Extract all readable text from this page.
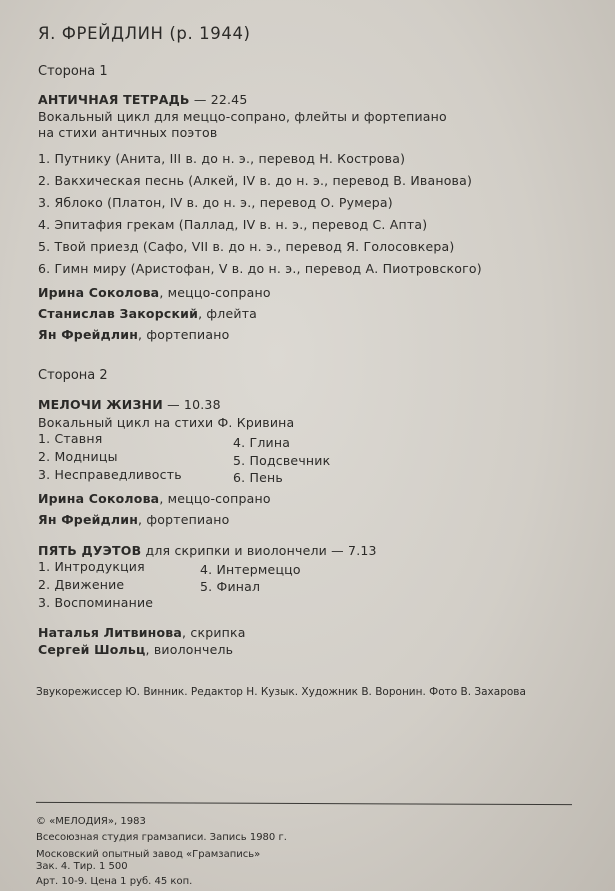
Я. ФРЕЙДЛИН (р. 1944)
Сторона 1
АНТИЧНАЯ ТЕТРАДЬ — 22.45
Вокальный цикл для меццо-сопрано, флейты и фортепиано
на стихи античных поэтов
1. Путнику (Анита, III в. до н. э., перевод Н. Кострова)
2. Вакхическая песнь (Алкей, IV в. до н. э., перевод В. Иванова)
3. Яблоко (Платон, IV в. до н. э., перевод О. Румера)
4. Эпитафия грекам (Паллад, IV в. н. э., перевод С. Апта)
5. Твой приезд (Сафо, VII в. до н. э., перевод Я. Голосовкера)
6. Гимн миру (Аристофан, V в. до н. э., перевод А. Пиотровского)
Ирина Соколова, меццо-сопрано
Станислав Закорский, флейта
Ян Фрейдлин, фортепиано
Сторона 2
МЕЛОЧИ ЖИЗНИ — 10.38
Вокальный цикл на стихи Ф. Кривина
1. Ставня
2. Модницы
3. Несправедливость
4. Глина
5. Подсвечник
6. Пень
Ирина Соколова, меццо-сопрано
Ян Фрейдлин, фортепиано
ПЯТЬ ДУЭТОВ для скрипки и виолончели — 7.13
1. Интродукция
2. Движение
3. Воспоминание
4. Интермеццо
5. Финал
Наталья Литвинова, скрипка
Сергей Шольц, виолончель
Звукорежиссер Ю. Винник. Редактор Н. Кузык. Художник В. Воронин. Фото В. Захарова
© «МЕЛОДИЯ», 1983
Всесоюзная студия грамзаписи. Запись 1980 г.
Московский опытный завод «Грамзапись»
Зак. 4. Тир. 1 500
Арт. 10-9. Цена 1 руб. 45 коп.
